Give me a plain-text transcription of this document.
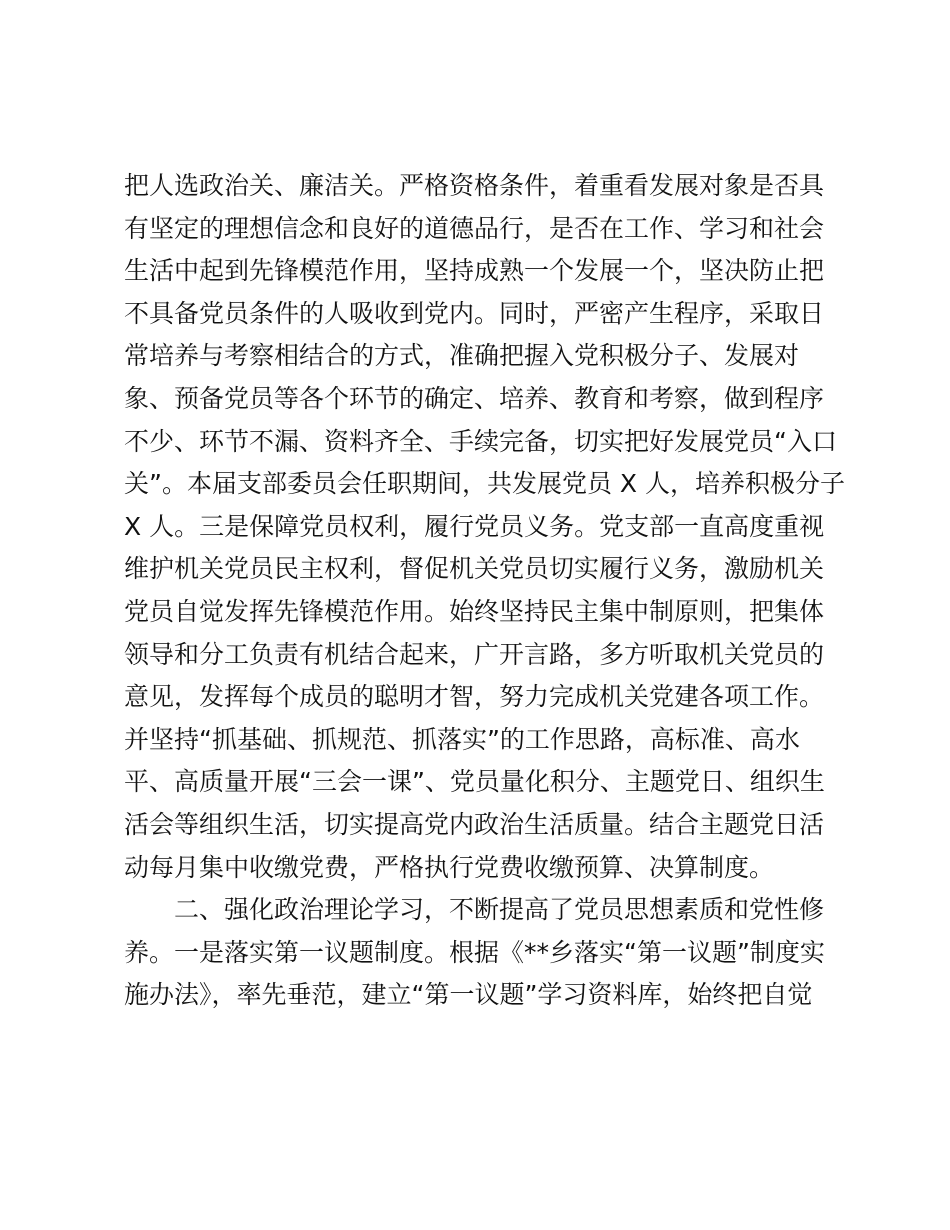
把人选政治关、廉洁关。严格资格条件，着重看发展对象是否具
有坚定的理想信念和良好的道德品行，是否在工作、学习和社会
生活中起到先锋模范作用，坚持成熟一个发展一个，坚决防止把
不具备党员条件的人吸收到党内。同时，严密产生程序，采取日
常培养与考察相结合的方式，准确把握入党积极分子、发展对
象、预备党员等各个环节的确定、培养、教育和考察，做到程序
不少、环节不漏、资料齐全、手续完备，切实把好发展党员“入口
关”。本届支部委员会任职期间，共发展党员 X 人，培养积极分子
X 人。三是保障党员权利，履行党员义务。党支部一直高度重视
维护机关党员民主权利，督促机关党员切实履行义务，激励机关
党员自觉发挥先锋模范作用。始终坚持民主集中制原则，把集体
领导和分工负责有机结合起来，广开言路，多方听取机关党员的
意见，发挥每个成员的聪明才智，努力完成机关党建各项工作。
并坚持“抓基础、抓规范、抓落实”的工作思路，高标准、高水
平、高质量开展“三会一课”、党员量化积分、主题党日、组织生
活会等组织生活，切实提高党内政治生活质量。结合主题党日活
动每月集中收缴党费，严格执行党费收缴预算、决算制度。
二、强化政治理论学习，不断提高了党员思想素质和党性修
养。一是落实第一议题制度。根据《**乡落实“第一议题”制度实
施办法》，率先垂范，建立“第一议题”学习资料库，始终把自觉
